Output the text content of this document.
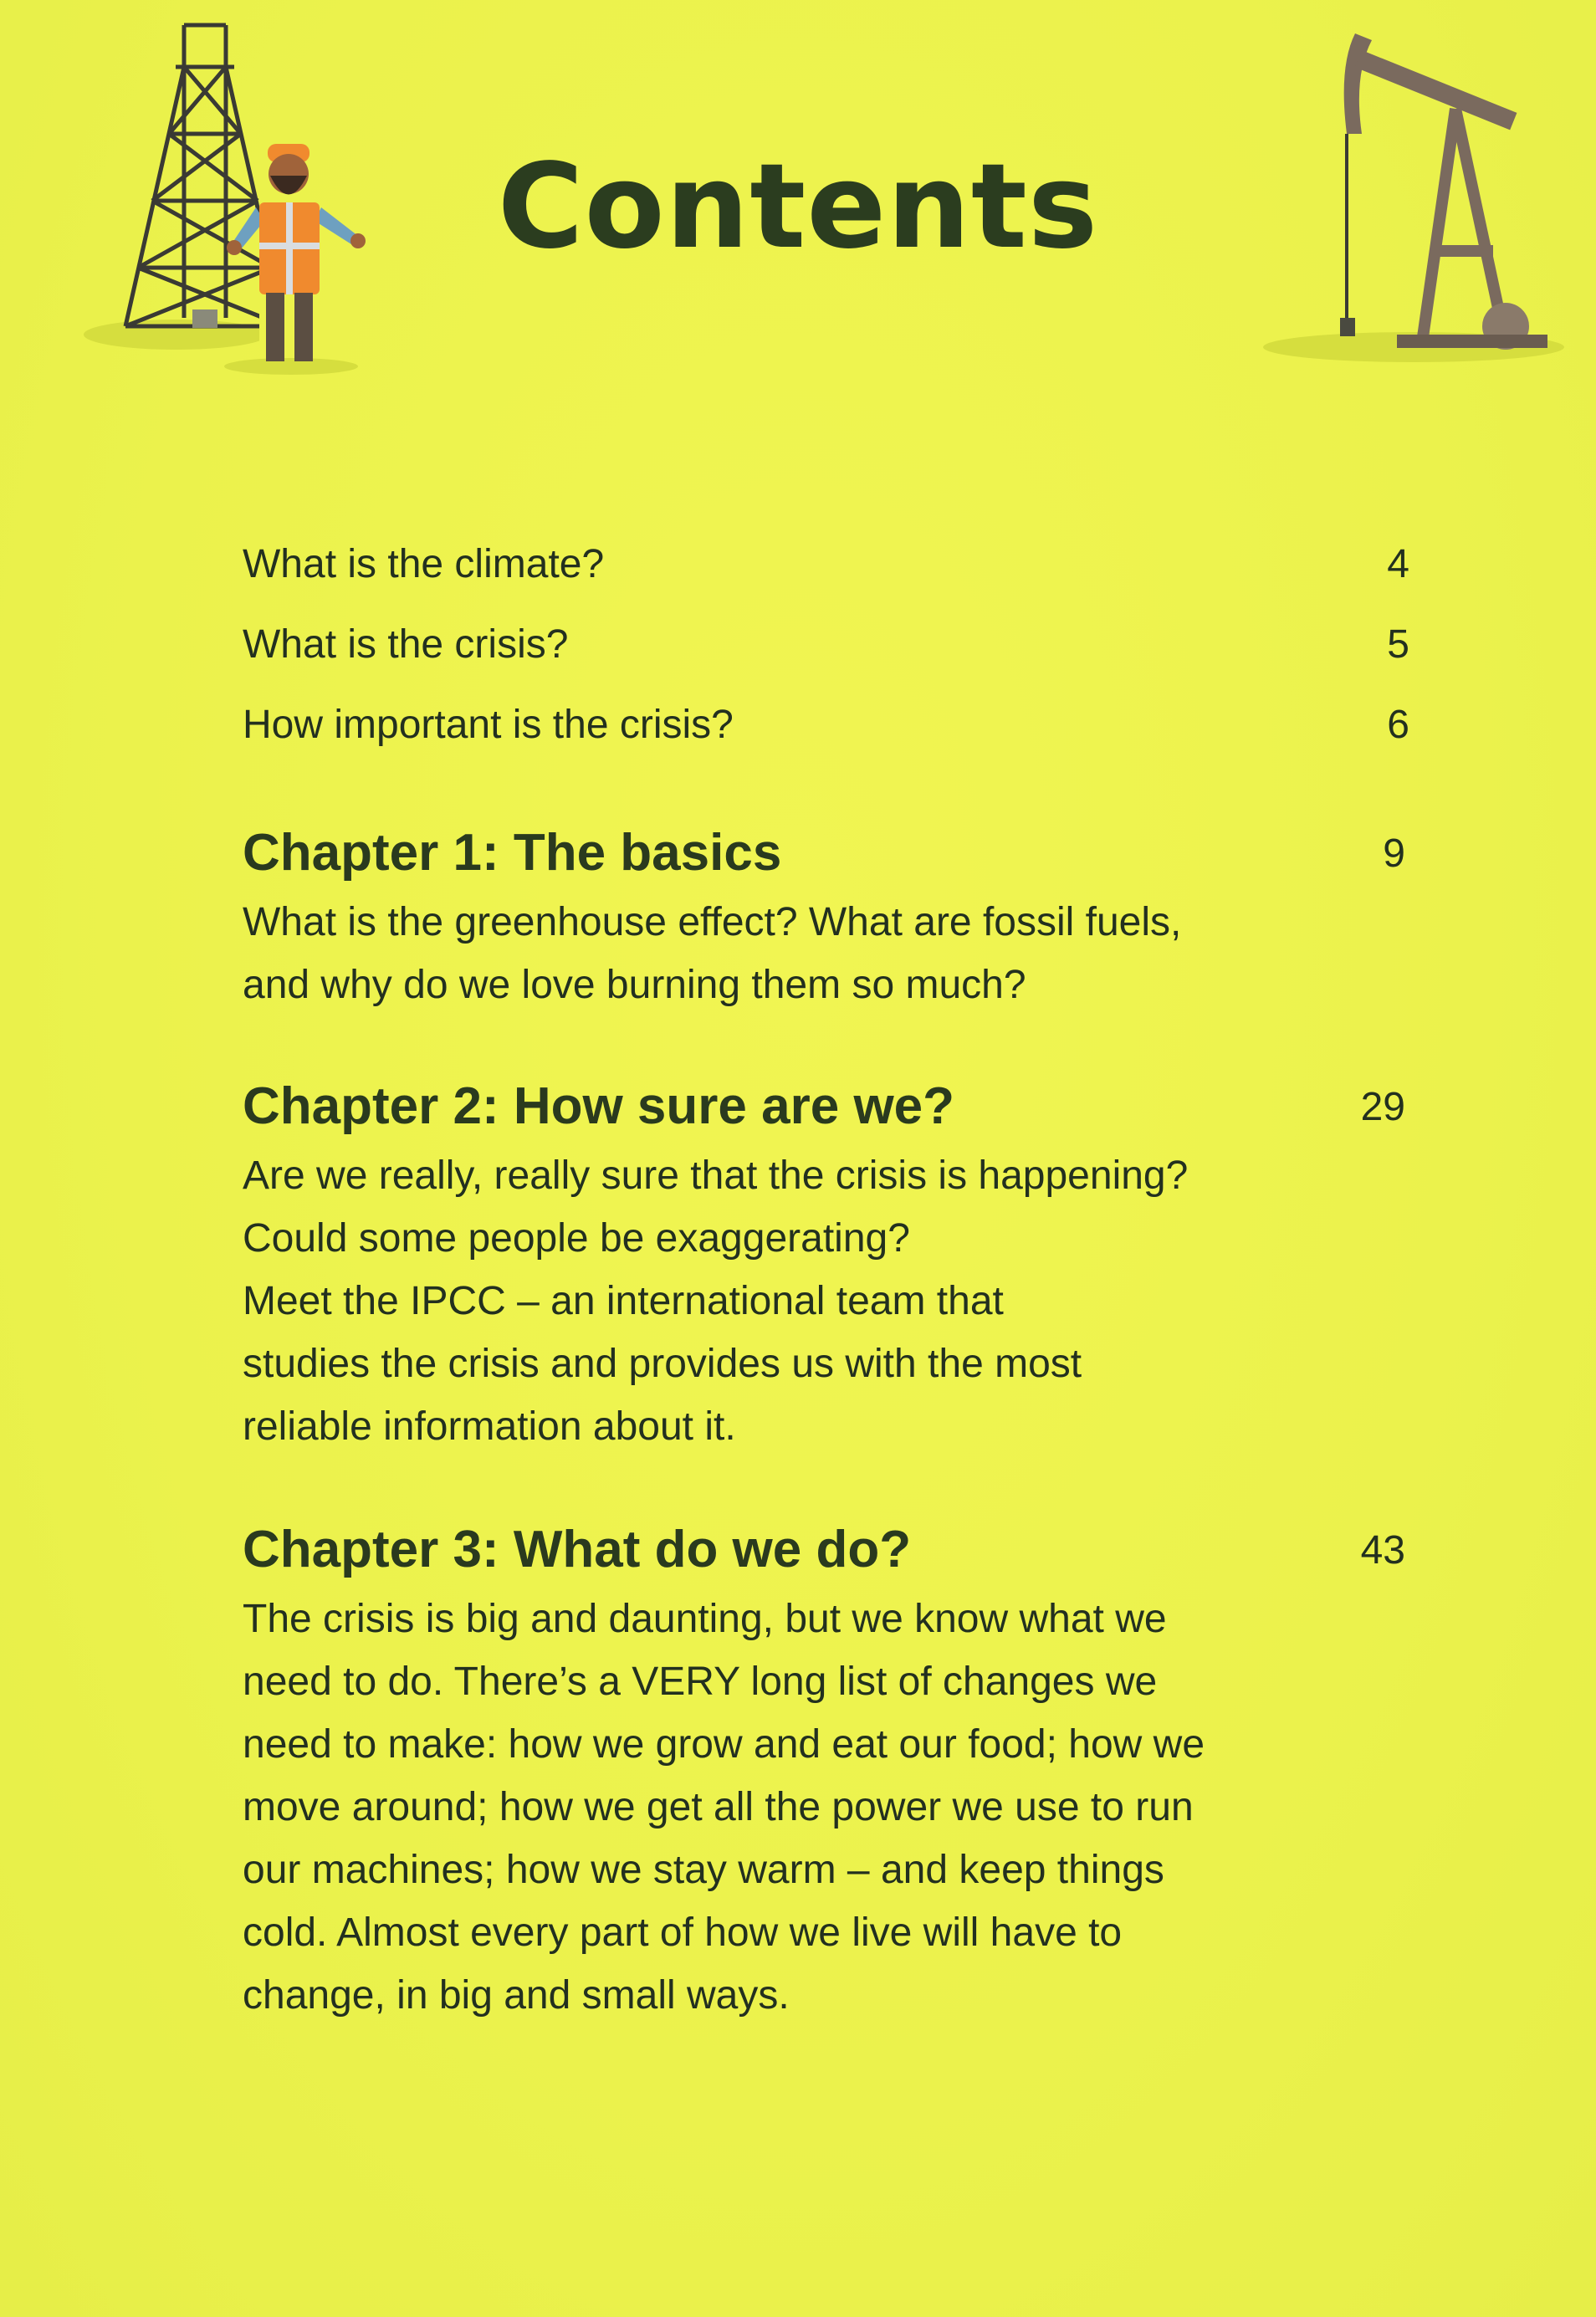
Contents
What is the climate?	4
What is the crisis?	5
How important is the crisis?	6
Chapter 1: The basics	9
What is the greenhouse effect? What are fossil fuels,
and why do we love burning them so much?
Chapter 2: How sure are we?	29
Are we really, really sure that the crisis is happening?
Could some people be exaggerating?
Meet the IPCC – an international team that
studies the crisis and provides us with the most
reliable information about it.
Chapter 3: What do we do?	43
The crisis is big and daunting, but we know what we
need to do. There’s a VERY long list of changes we
need to make: how we grow and eat our food; how we
move around; how we get all the power we use to run
our machines; how we stay warm – and keep things
cold. Almost every part of how we live will have to
change, in big and small ways.
